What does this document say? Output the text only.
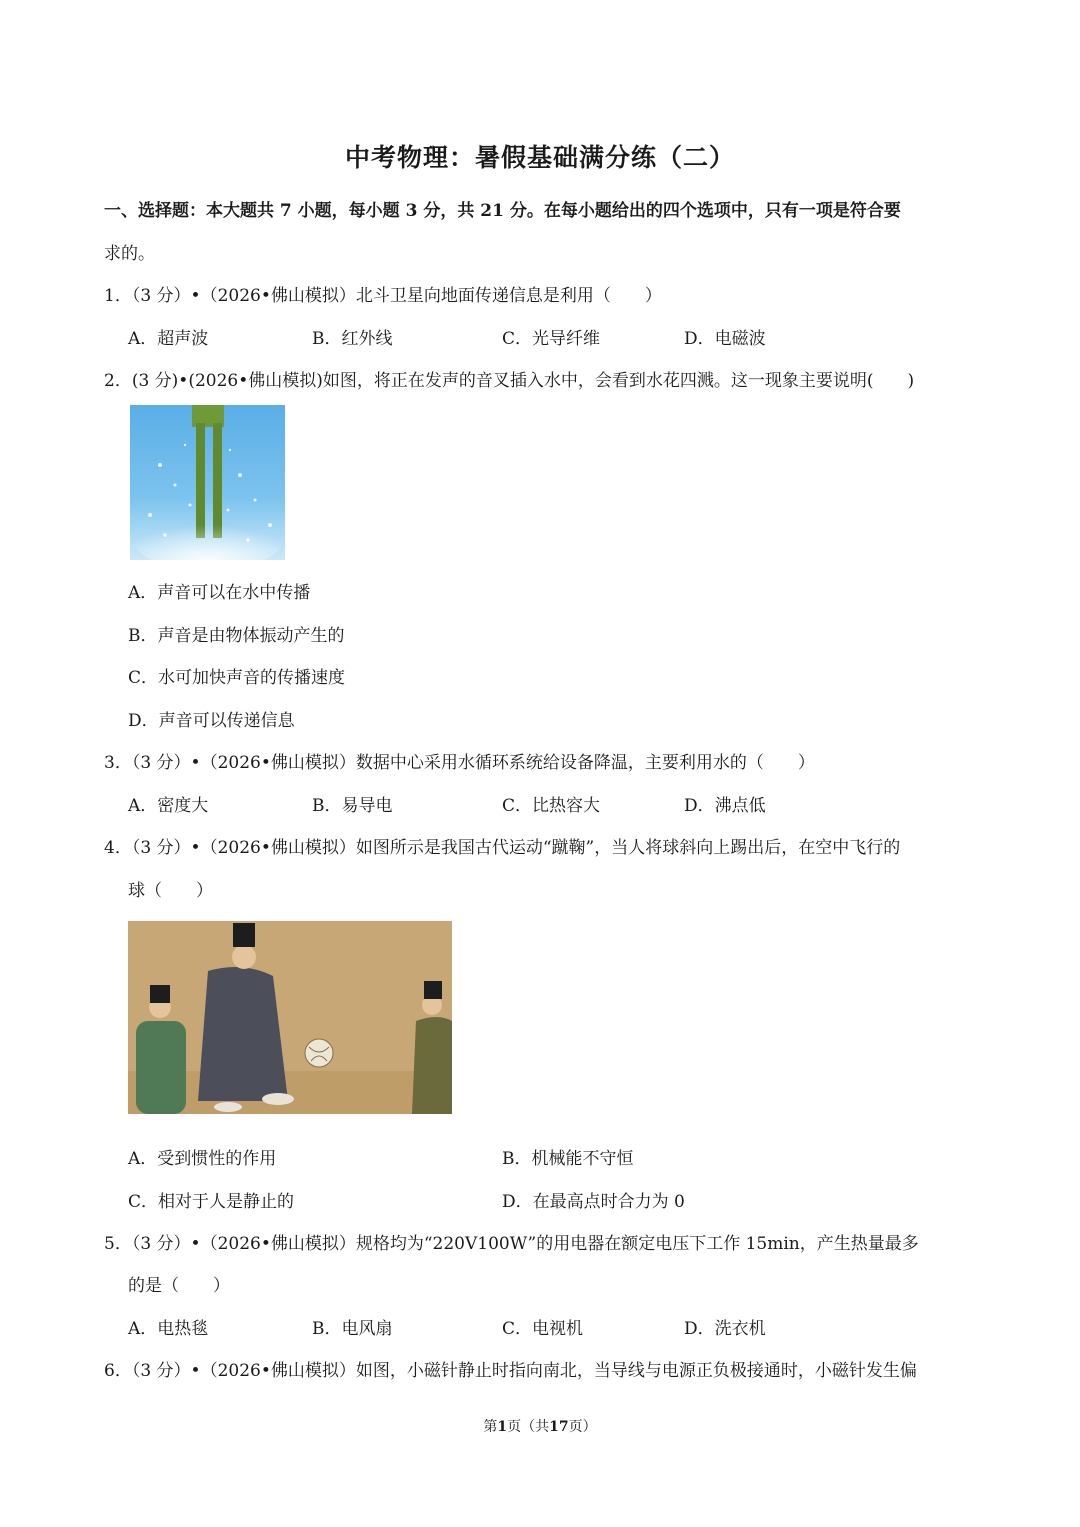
中考物理：暑假基础满分练（二）
一、选择题：本大题共 7 小题，每小题 3 分，共 21 分。在每小题给出的四个选项中，只有一项是符合要
求的。
1．（3 分）•（2026•佛山模拟）北斗卫星向地面传递信息是利用（　　）
A．超声波	B．红外线	C．光导纤维	D．电磁波
2．(3 分)•(2026•佛山模拟)如图，将正在发声的音叉插入水中，会看到水花四溅。这一现象主要说明(　　)
A．声音可以在水中传播
B．声音是由物体振动产生的
C．水可加快声音的传播速度
D．声音可以传递信息
3．（3 分）•（2026•佛山模拟）数据中心采用水循环系统给设备降温，主要利用水的（　　）
A．密度大	B．易导电	C．比热容大	D．沸点低
4．（3 分）•（2026•佛山模拟）如图所示是我国古代运动“蹴鞠”，当人将球斜向上踢出后，在空中飞行的
球（　　）
A．受到惯性的作用	B．机械能不守恒
C．相对于人是静止的	D．在最高点时合力为 0
5．（3 分）•（2026•佛山模拟）规格均为“220V100W”的用电器在额定电压下工作 15min，产生热量最多
的是（　　）
A．电热毯	B．电风扇	C．电视机	D．洗衣机
6．（3 分）•（2026•佛山模拟）如图，小磁针静止时指向南北，当导线与电源正负极接通时，小磁针发生偏
第1页（共17页）
